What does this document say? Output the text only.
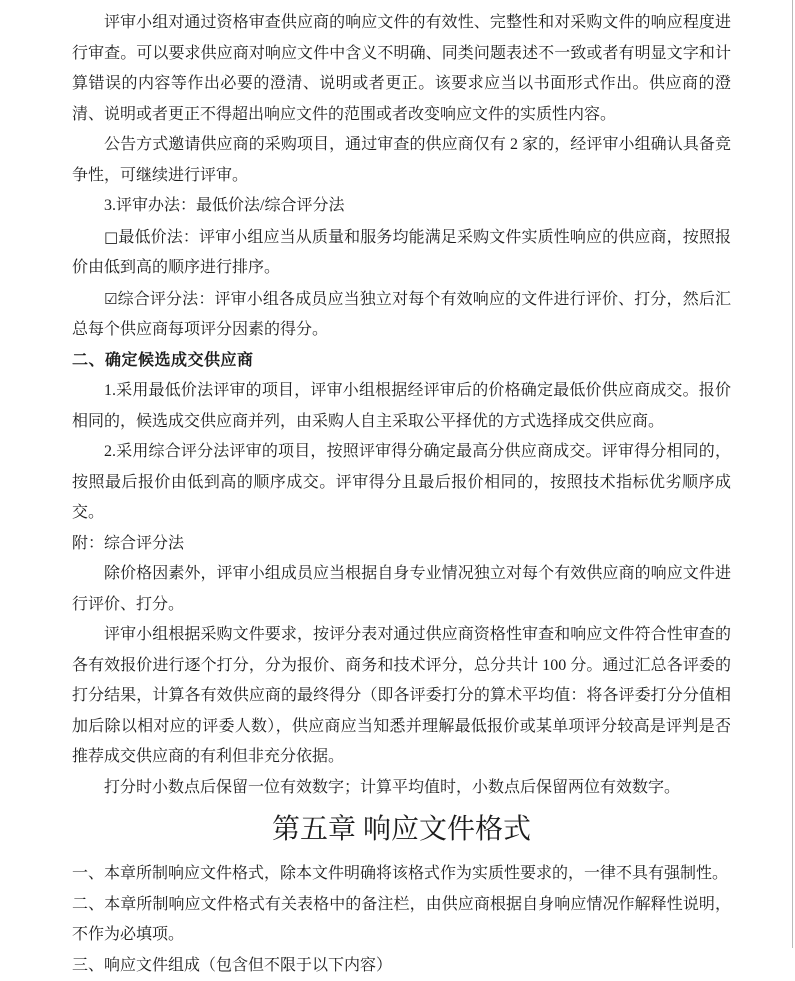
评审小组对通过资格审查供应商的响应文件的有效性、完整性和对采购文件的响应程度进行审查。可以要求供应商对响应文件中含义不明确、同类问题表述不一致或者有明显文字和计算错误的内容等作出必要的澄清、说明或者更正。该要求应当以书面形式作出。供应商的澄清、说明或者更正不得超出响应文件的范围或者改变响应文件的实质性内容。

公告方式邀请供应商的采购项目，通过审查的供应商仅有 2 家的，经评审小组确认具备竞争性，可继续进行评审。

3.评审办法：最低价法/综合评分法

□最低价法：评审小组应当从质量和服务均能满足采购文件实质性响应的供应商，按照报价由低到高的顺序进行排序。

☑综合评分法：评审小组各成员应当独立对每个有效响应的文件进行评价、打分，然后汇总每个供应商每项评分因素的得分。

二、确定候选成交供应商

1.采用最低价法评审的项目，评审小组根据经评审后的价格确定最低价供应商成交。报价相同的，候选成交供应商并列，由采购人自主采取公平择优的方式选择成交供应商。

2.采用综合评分法评审的项目，按照评审得分确定最高分供应商成交。评审得分相同的，按照最后报价由低到高的顺序成交。评审得分且最后报价相同的，按照技术指标优劣顺序成交。

附：综合评分法

除价格因素外，评审小组成员应当根据自身专业情况独立对每个有效供应商的响应文件进行评价、打分。

评审小组根据采购文件要求，按评分表对通过供应商资格性审查和响应文件符合性审查的各有效报价进行逐个打分，分为报价、商务和技术评分，总分共计 100 分。通过汇总各评委的打分结果，计算各有效供应商的最终得分（即各评委打分的算术平均值：将各评委打分分值相加后除以相对应的评委人数），供应商应当知悉并理解最低报价或某单项评分较高是评判是否推荐成交供应商的有利但非充分依据。

打分时小数点后保留一位有效数字；计算平均值时，小数点后保留两位有效数字。

第五章 响应文件格式

一、本章所制响应文件格式，除本文件明确将该格式作为实质性要求的，一律不具有强制性。

二、本章所制响应文件格式有关表格中的备注栏，由供应商根据自身响应情况作解释性说明，不作为必填项。

三、响应文件组成（包含但不限于以下内容）
